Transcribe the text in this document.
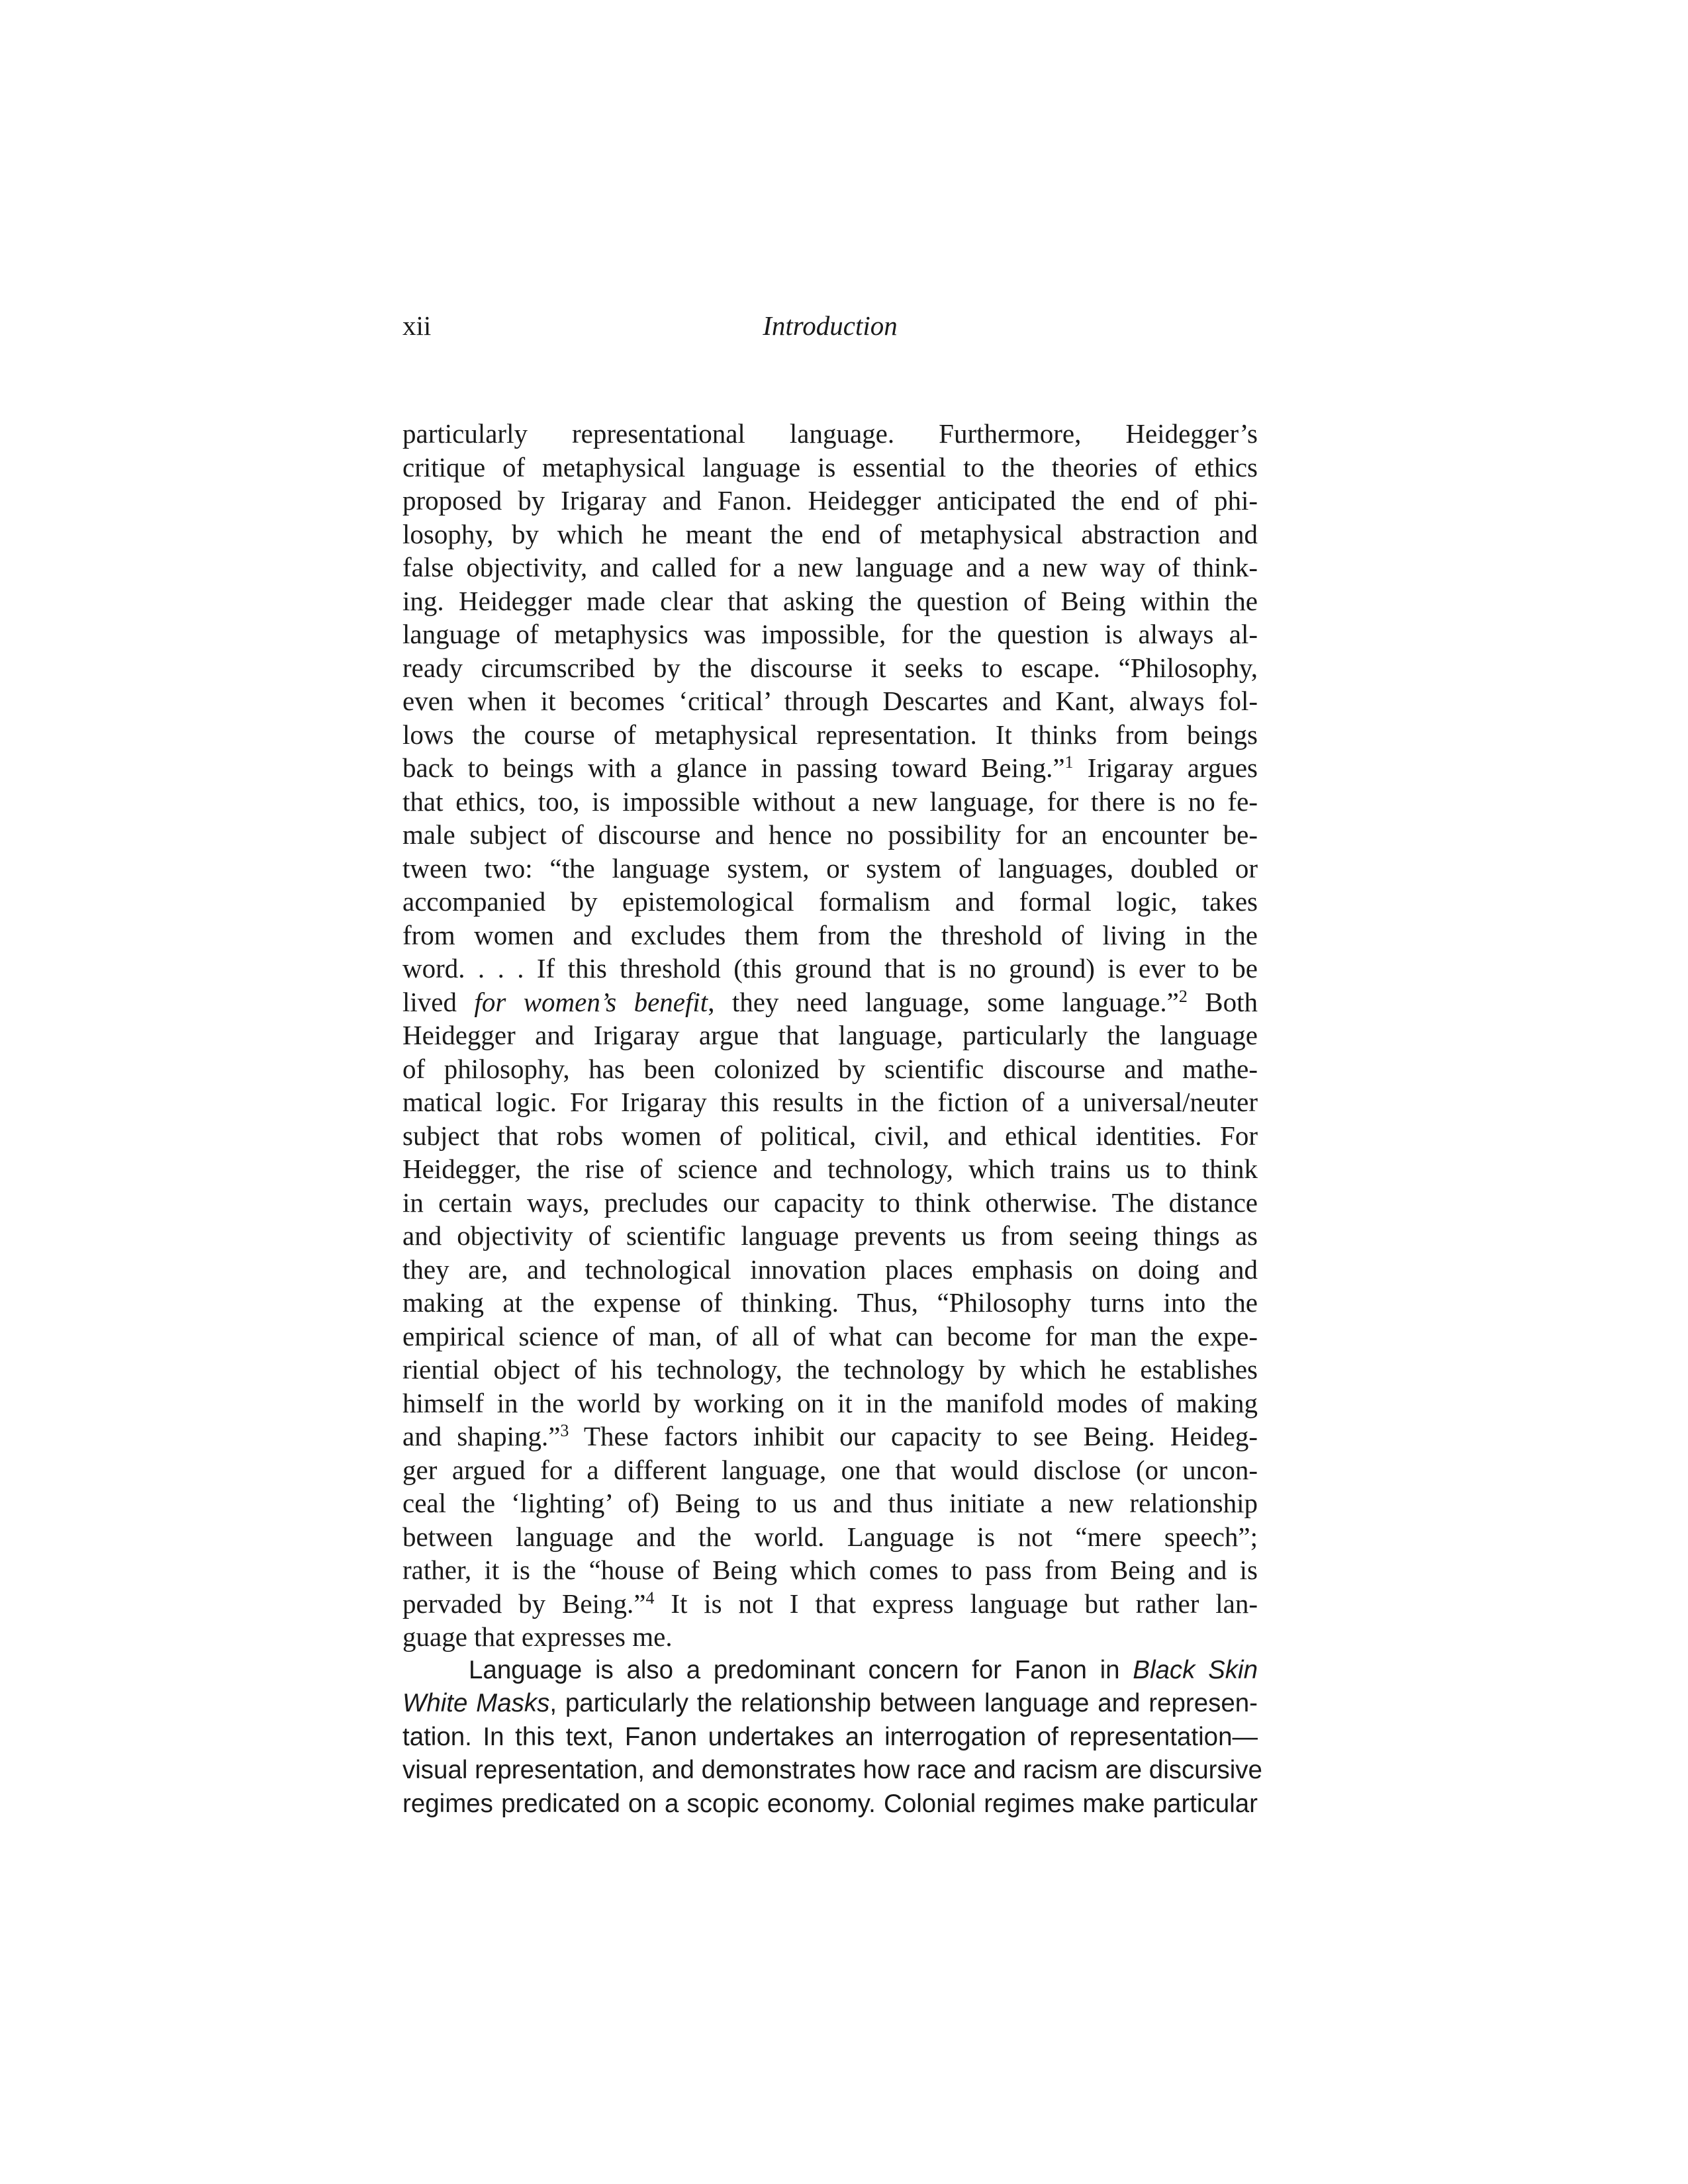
xii	Introduction
particularly representational language. Furthermore, Heidegger’s
critique of metaphysical language is essential to the theories of ethics
proposed by Irigaray and Fanon. Heidegger anticipated the end of phi-
losophy, by which he meant the end of metaphysical abstraction and
false objectivity, and called for a new language and a new way of think-
ing. Heidegger made clear that asking the question of Being within the
language of metaphysics was impossible, for the question is always al-
ready circumscribed by the discourse it seeks to escape. “Philosophy,
even when it becomes ‘critical’ through Descartes and Kant, always fol-
lows the course of metaphysical representation. It thinks from beings
back to beings with a glance in passing toward Being.”$^1$ Irigaray argues
that ethics, too, is impossible without a new language, for there is no fe-
male subject of discourse and hence no possibility for an encounter be-
tween two: “the language system, or system of languages, doubled or
accompanied by epistemological formalism and formal logic, takes
from women and excludes them from the threshold of living in the
word. . . . If this threshold (this ground that is no ground) is ever to be
lived for women’s benefit, they need language, some language.”$^2$ Both
Heidegger and Irigaray argue that language, particularly the language
of philosophy, has been colonized by scientific discourse and mathe-
matical logic. For Irigaray this results in the fiction of a universal/neuter
subject that robs women of political, civil, and ethical identities. For
Heidegger, the rise of science and technology, which trains us to think
in certain ways, precludes our capacity to think otherwise. The distance
and objectivity of scientific language prevents us from seeing things as
they are, and technological innovation places emphasis on doing and
making at the expense of thinking. Thus, “Philosophy turns into the
empirical science of man, of all of what can become for man the expe-
riential object of his technology, the technology by which he establishes
himself in the world by working on it in the manifold modes of making
and shaping.”$^3$ These factors inhibit our capacity to see Being. Heideg-
ger argued for a different language, one that would disclose (or uncon-
ceal the ‘lighting’ of) Being to us and thus initiate a new relationship
between language and the world. Language is not “mere speech”;
rather, it is the “house of Being which comes to pass from Being and is
pervaded by Being.”$^4$ It is not I that express language but rather lan-
guage that expresses me.
Language is also a predominant concern for Fanon in Black Skin
White Masks, particularly the relationship between language and represen-
tation. In this text, Fanon undertakes an interrogation of representation—
visual representation, and demonstrates how race and racism are discursive
regimes predicated on a scopic economy. Colonial regimes make particular
